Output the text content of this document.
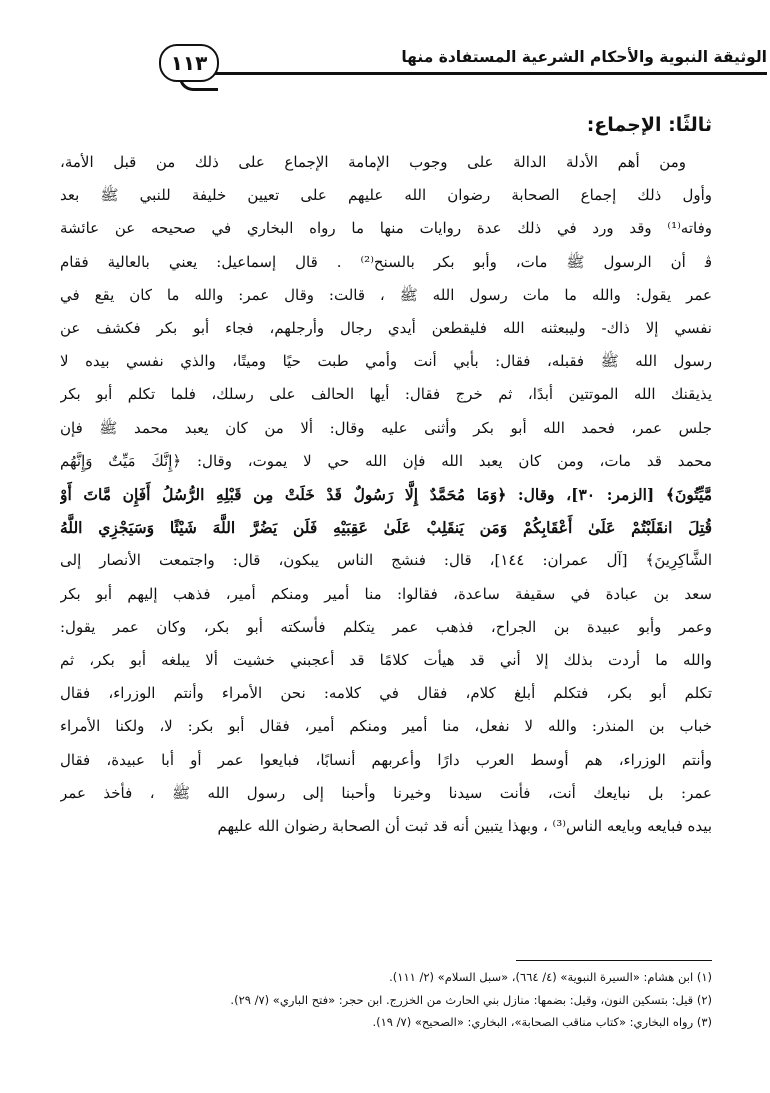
الوثيقة النبوية والأحكام الشرعية المستفادة منها
١١٣
ثالثًا: الإجماع:
ومن أهم الأدلة الدالة على وجوب الإمامة الإجماع على ذلك من قبل الأمة،
وأول ذلك إجماع الصحابة رضوان الله عليهم على تعيين خليفة للنبي ﷺ بعد
وفاته⁽¹⁾ وقد ورد في ذلك عدة روايات منها ما رواه البخاري في صحيحه عن عائشة
ﭬ أن الرسول ﷺ مات، وأبو بكر بالسنح⁽²⁾ . قال إسماعيل: يعني بالعالية فقام
عمر يقول: والله ما مات رسول الله ﷺ ، قالت: وقال عمر: والله ما كان يقع في
نفسي إلا ذاك- وليبعثنه الله فليقطعن أيدي رجال وأرجلهم، فجاء أبو بكر فكشف عن
رسول الله ﷺ فقبله، فقال: بأبي أنت وأمي طبت حيًا وميتًا، والذي نفسي بيده لا
يذيقنك الله الموتتين أبدًا، ثم خرج فقال: أيها الحالف على رسلك، فلما تكلم أبو بكر
جلس عمر، فحمد الله أبو بكر وأثنى عليه وقال: ألا من كان يعبد محمد ﷺ فإن
محمد قد مات، ومن كان يعبد الله فإن الله حي لا يموت، وقال: ﴿إِنَّكَ مَيِّتٌ وَإِنَّهُم
مَّيِّتُونَ﴾ [الزمر: ٣٠]، وقال: ﴿وَمَا مُحَمَّدٌ إِلَّا رَسُولٌ قَدْ خَلَتْ مِن قَبْلِهِ الرُّسُلُ أَفَإِن مَّاتَ أَوْ
قُتِلَ انقَلَبْتُمْ عَلَىٰ أَعْقَابِكُمْ وَمَن يَنقَلِبْ عَلَىٰ عَقِبَيْهِ فَلَن يَضُرَّ اللَّهَ شَيْئًا وَسَيَجْزِي اللَّهُ
الشَّاكِرِينَ﴾ [آل عمران: ١٤٤]، قال: فنشج الناس يبكون، قال: واجتمعت الأنصار إلى
سعد بن عبادة في سقيفة ساعدة، فقالوا: منا أمير ومنكم أمير، فذهب إليهم أبو بكر
وعمر وأبو عبيدة بن الجراح، فذهب عمر يتكلم فأسكته أبو بكر، وكان عمر يقول:
والله ما أردت بذلك إلا أني قد هيأت كلامًا قد أعجبني خشيت ألا يبلغه أبو بكر، ثم
تكلم أبو بكر، فتكلم أبلغ كلام، فقال في كلامه: نحن الأمراء وأنتم الوزراء، فقال
خباب بن المنذر: والله لا نفعل، منا أمير ومنكم أمير، فقال أبو بكر: لا، ولكنا الأمراء
وأنتم الوزراء، هم أوسط العرب دارًا وأعربهم أنسابًا، فبايعوا عمر أو أبا عبيدة، فقال
عمر: بل نبايعك أنت، فأنت سيدنا وخيرنا وأحبنا إلى رسول الله ﷺ ، فأخذ عمر
بيده فبايعه وبايعه الناس⁽³⁾ ، وبهذا يتبين أنه قد ثبت أن الصحابة رضوان الله عليهم
(١) ابن هشام: «السيرة النبوية» (٤/ ٦٦٤)، «سبل السلام» (٢/ ١١١).
(٢) قيل: بتسكين النون، وقيل: بضمها: منازل بني الحارث من الخزرج. ابن حجر: «فتح الباري» (٧/ ٢٩).
(٣) رواه البخاري: «كتاب مناقب الصحابة»، البخاري: «الصحيح» (٧/ ١٩).
